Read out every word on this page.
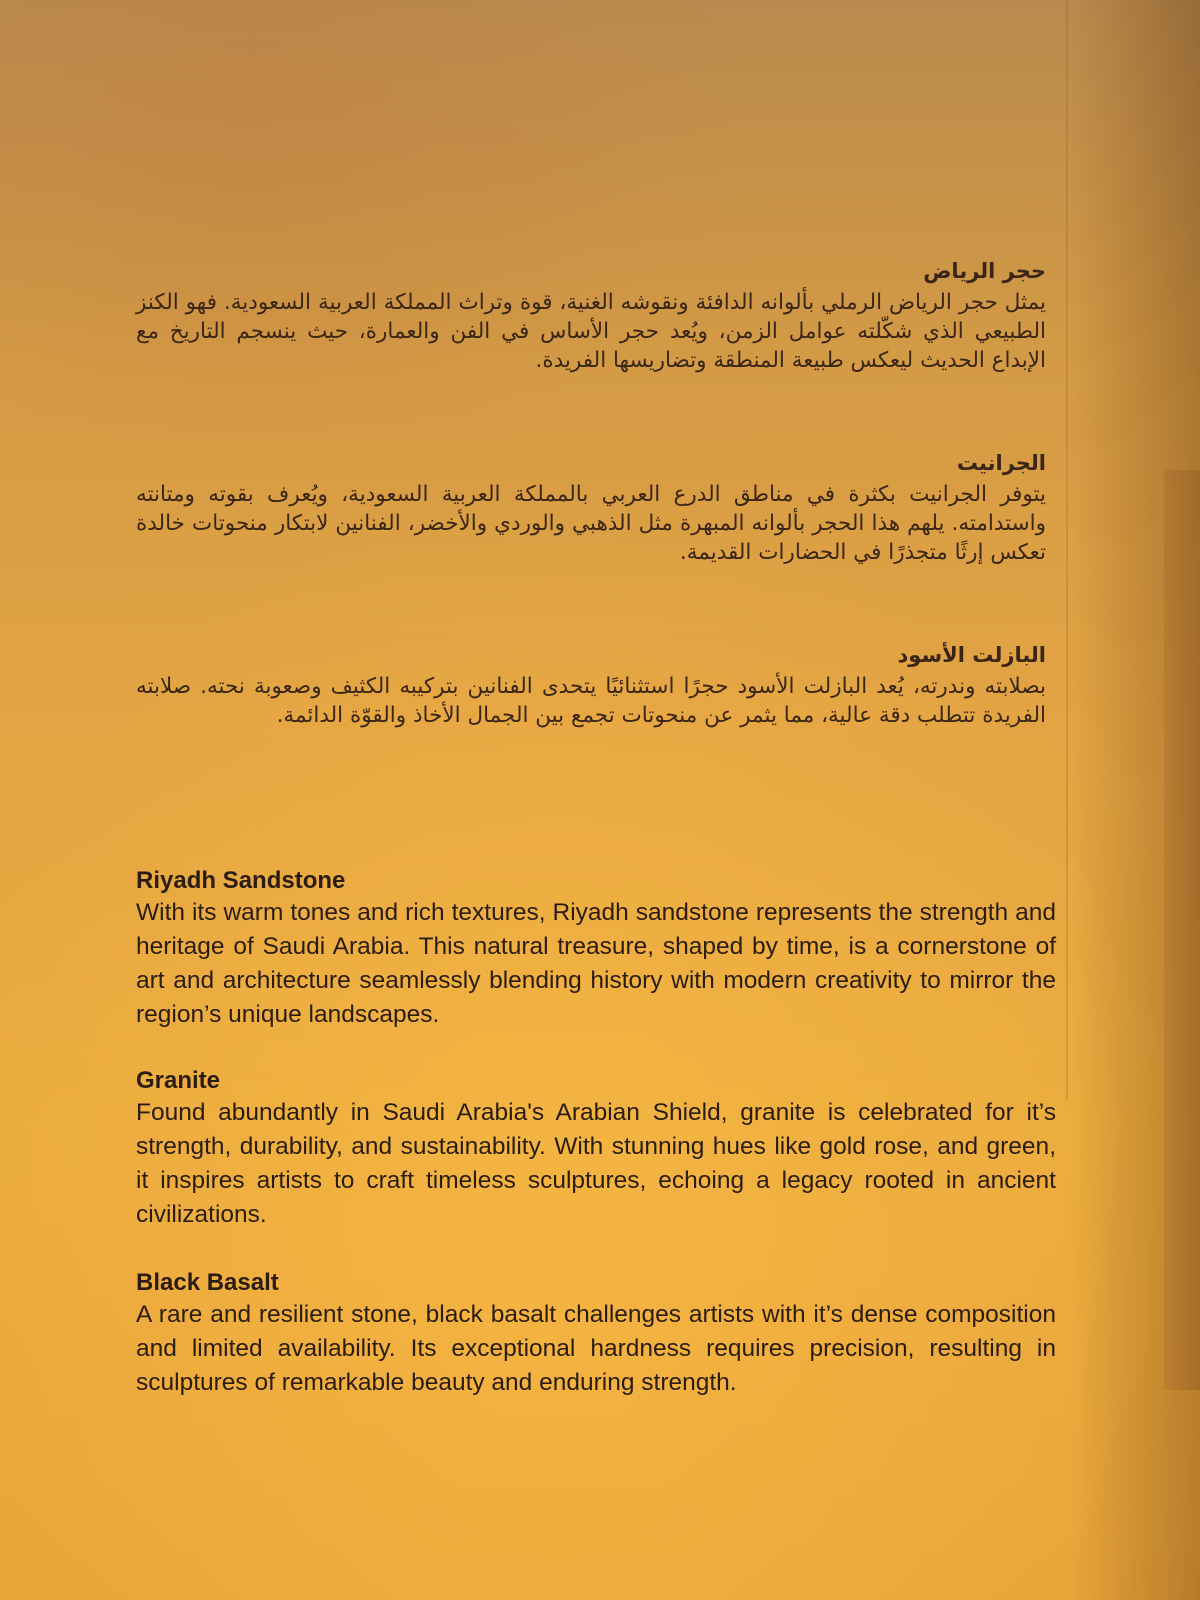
حجر الرياض

يمثل حجر الرياض الرملي بألوانه الدافئة ونقوشه الغنية، قوة وتراث المملكة العربية السعودية. فهو الكنز الطبيعي الذي شكّلته عوامل الزمن، ويُعد حجر الأساس في الفن والعمارة، حيث ينسجم التاريخ مع الإبداع الحديث ليعكس طبيعة المنطقة وتضاريسها الفريدة.

الجرانيت

يتوفر الجرانيت بكثرة في مناطق الدرع العربي بالمملكة العربية السعودية، ويُعرف بقوته ومتانته واستدامته. يلهم هذا الحجر بألوانه المبهرة مثل الذهبي والوردي والأخضر، الفنانين لابتكار منحوتات خالدة تعكس إرثًا متجذرًا في الحضارات القديمة.

البازلت الأسود

بصلابته وندرته، يُعد البازلت الأسود حجرًا استثنائيًا يتحدى الفنانين بتركيبه الكثيف وصعوبة نحته. صلابته الفريدة تتطلب دقة عالية، مما يثمر عن منحوتات تجمع بين الجمال الأخاذ والقوّة الدائمة.

Riyadh Sandstone

With its warm tones and rich textures, Riyadh sandstone represents the strength and heritage of Saudi Arabia. This natural treasure, shaped by time, is a cornerstone of art and architecture seamlessly blending history with modern creativity to mirror the region’s unique landscapes.

Granite

Found abundantly in Saudi Arabia's Arabian Shield, granite is celebrated for it’s strength, durability, and sustainability. With stunning hues like gold rose, and green, it inspires artists to craft timeless sculptures, echoing a legacy rooted in ancient civilizations.

Black Basalt

A rare and resilient stone, black basalt challenges artists with it’s dense composition and limited availability. Its exceptional hardness requires precision, resulting in sculptures of remarkable beauty and enduring strength.
